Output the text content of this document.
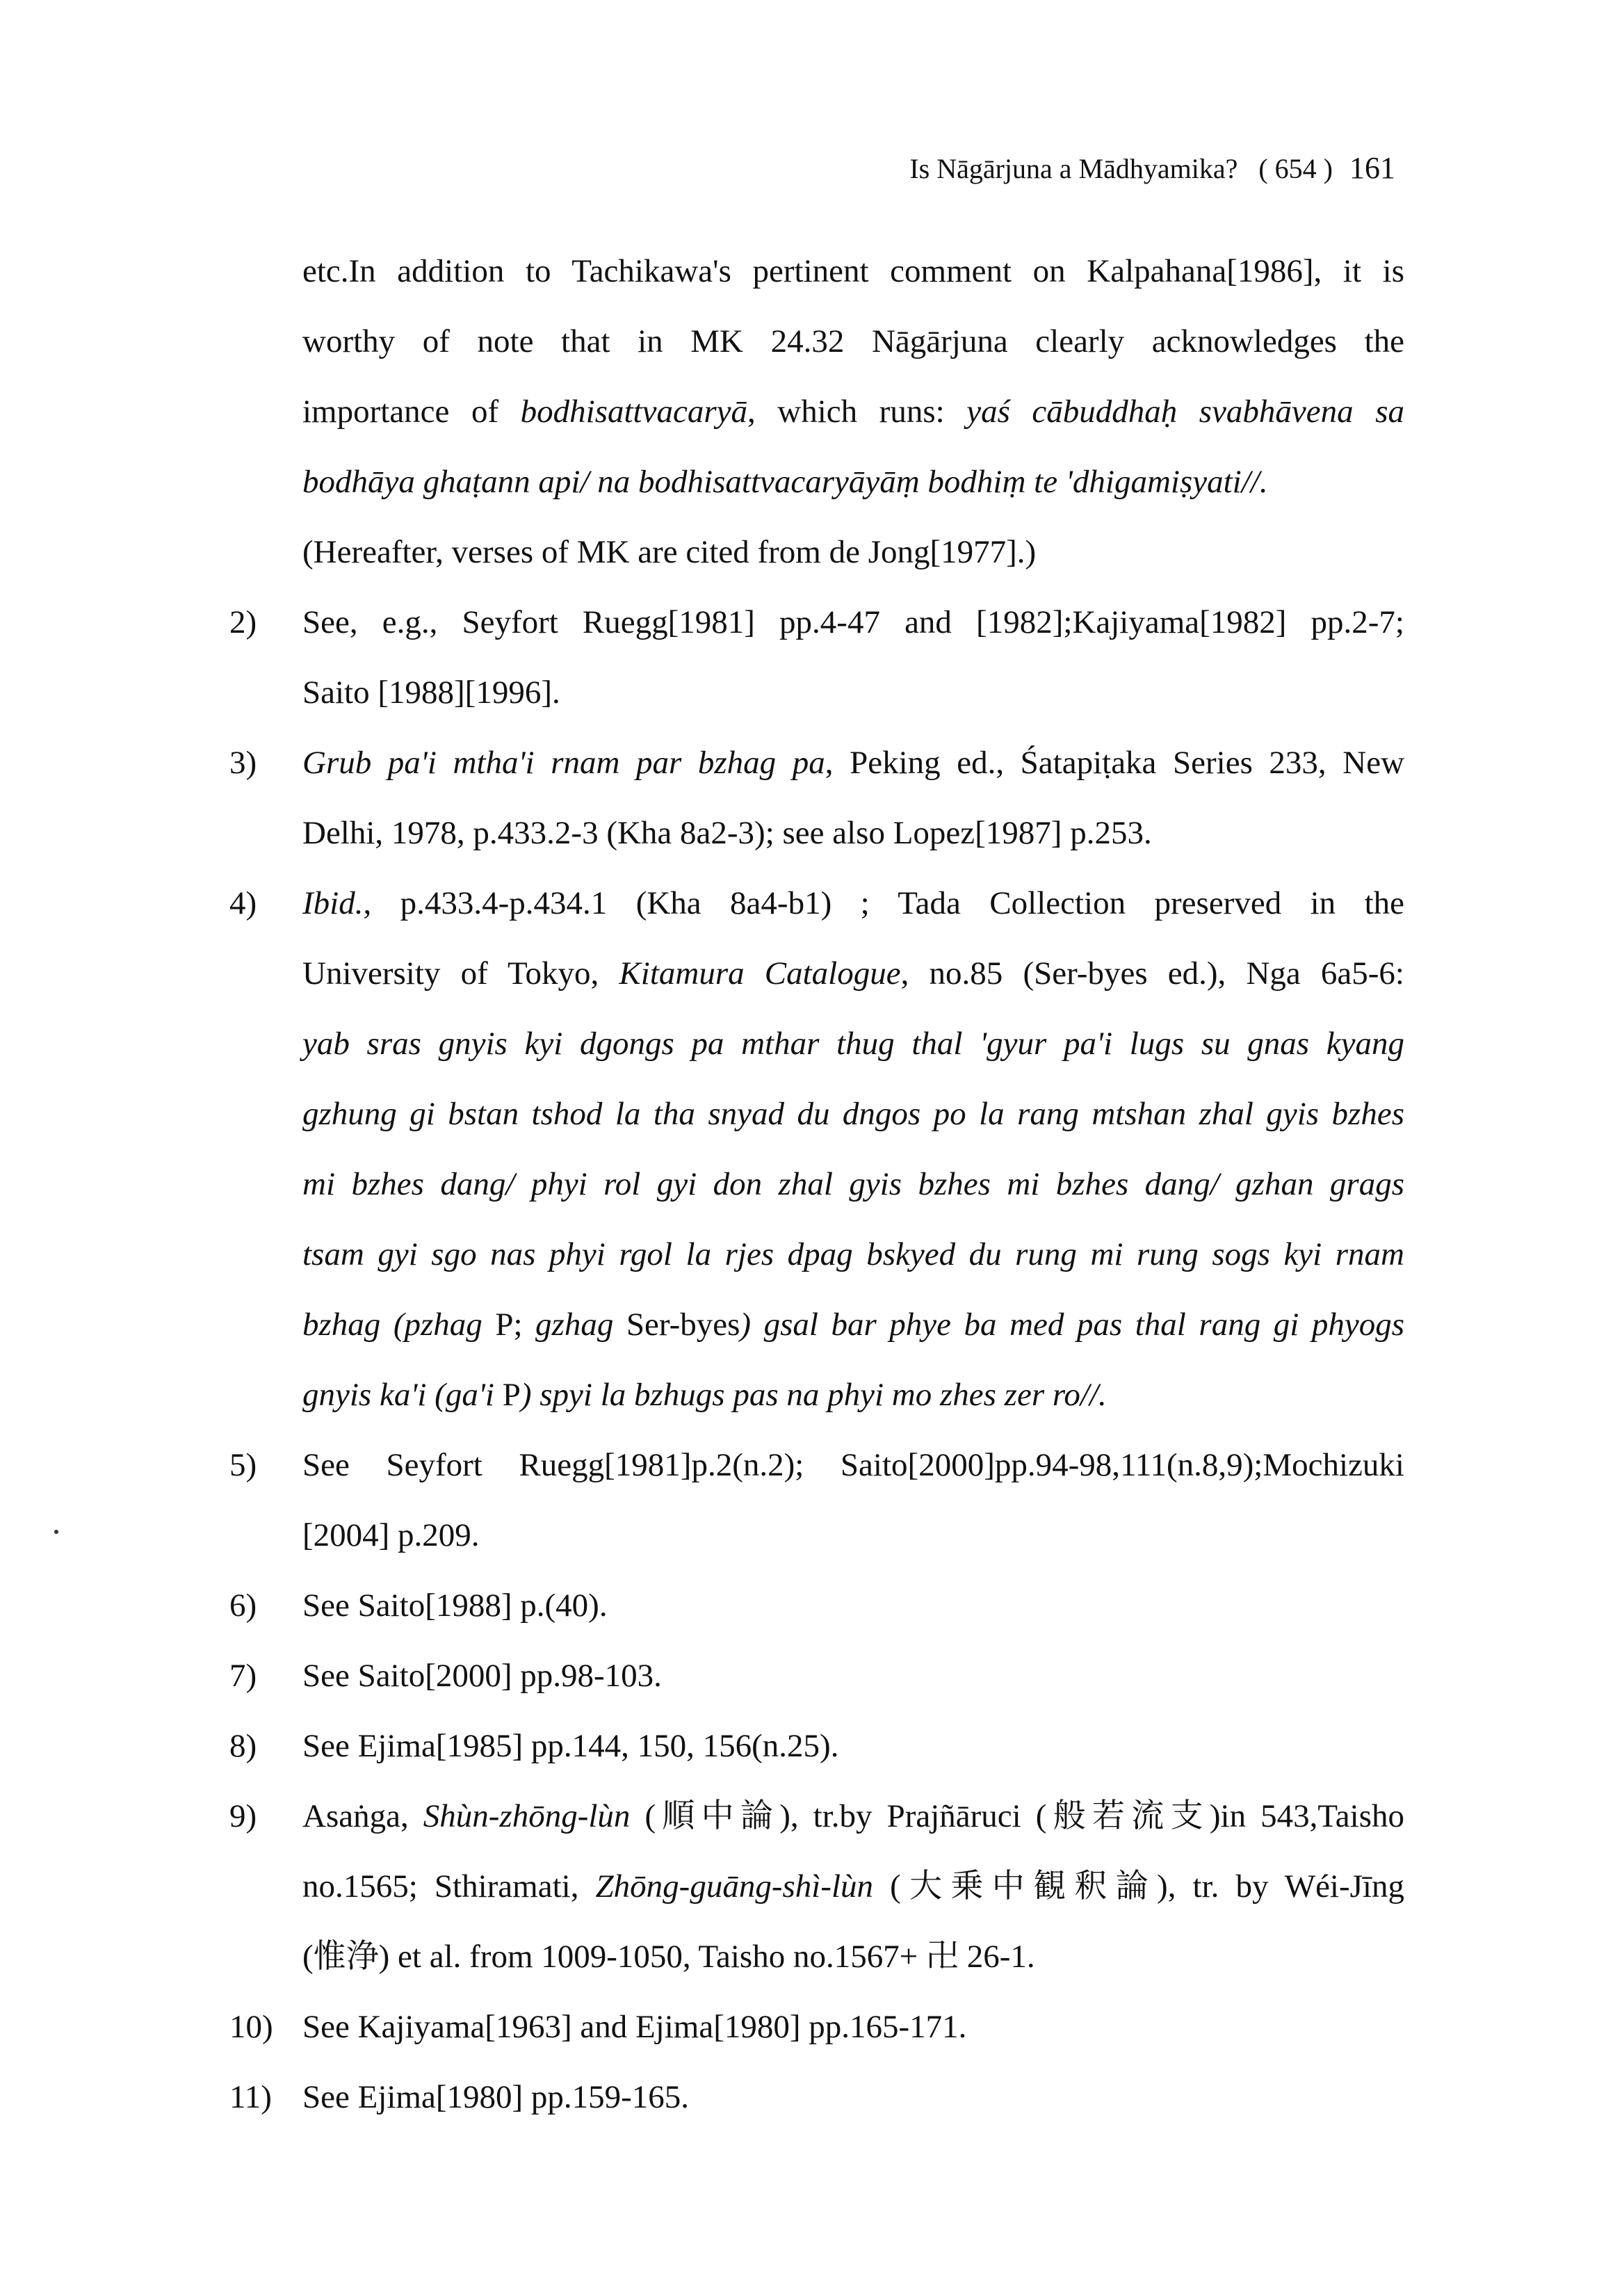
Is Nāgārjuna a Mādhyamika? ( 654 ) 161
etc.In addition to Tachikawa's pertinent comment on Kalpahana[1986], it is
worthy of note that in MK 24.32 Nāgārjuna clearly acknowledges the
importance of bodhisattvacaryā, which runs: yaś cābuddhaḥ svabhāvena sa
bodhāya ghaṭann api/ na bodhisattvacaryāyāṃ bodhiṃ te 'dhigamiṣyati//.
(Hereafter, verses of MK are cited from de Jong[1977].)
2)	See, e.g., Seyfort Ruegg[1981] pp.4-47 and [1982];Kajiyama[1982] pp.2-7;
Saito [1988][1996].
3)	Grub pa'i mtha'i rnam par bzhag pa, Peking ed., Śatapiṭaka Series 233, New
Delhi, 1978, p.433.2-3 (Kha 8a2-3); see also Lopez[1987] p.253.
4)	Ibid., p.433.4-p.434.1 (Kha 8a4-b1) ; Tada Collection preserved in the
University of Tokyo, Kitamura Catalogue, no.85 (Ser-byes ed.), Nga 6a5-6:
yab sras gnyis kyi dgongs pa mthar thug thal 'gyur pa'i lugs su gnas kyang
gzhung gi bstan tshod la tha snyad du dngos po la rang mtshan zhal gyis bzhes
mi bzhes dang/ phyi rol gyi don zhal gyis bzhes mi bzhes dang/ gzhan grags
tsam gyi sgo nas phyi rgol la rjes dpag bskyed du rung mi rung sogs kyi rnam
bzhag (pzhag P; gzhag Ser-byes) gsal bar phye ba med pas thal rang gi phyogs
gnyis ka'i (ga'i P) spyi la bzhugs pas na phyi mo zhes zer ro//.
5)	See Seyfort Ruegg[1981]p.2(n.2); Saito[2000]pp.94-98,111(n.8,9);Mochizuki
[2004] p.209.
6)	See Saito[1988] p.(40).
7)	See Saito[2000] pp.98-103.
8)	See Ejima[1985] pp.144, 150, 156(n.25).
9)	Asaṅga, Shùn-zhōng-lùn (順中論), tr.by Prajñāruci (般若流支)in 543,Taisho
no.1565; Sthiramati, Zhōng-guāng-shì-lùn (大乗中観釈論), tr. by Wéi-Jīng
(惟浄) et al. from 1009-1050, Taisho no.1567+ 卍 26-1.
10) See Kajiyama[1963] and Ejima[1980] pp.165-171.
11) See Ejima[1980] pp.159-165.
